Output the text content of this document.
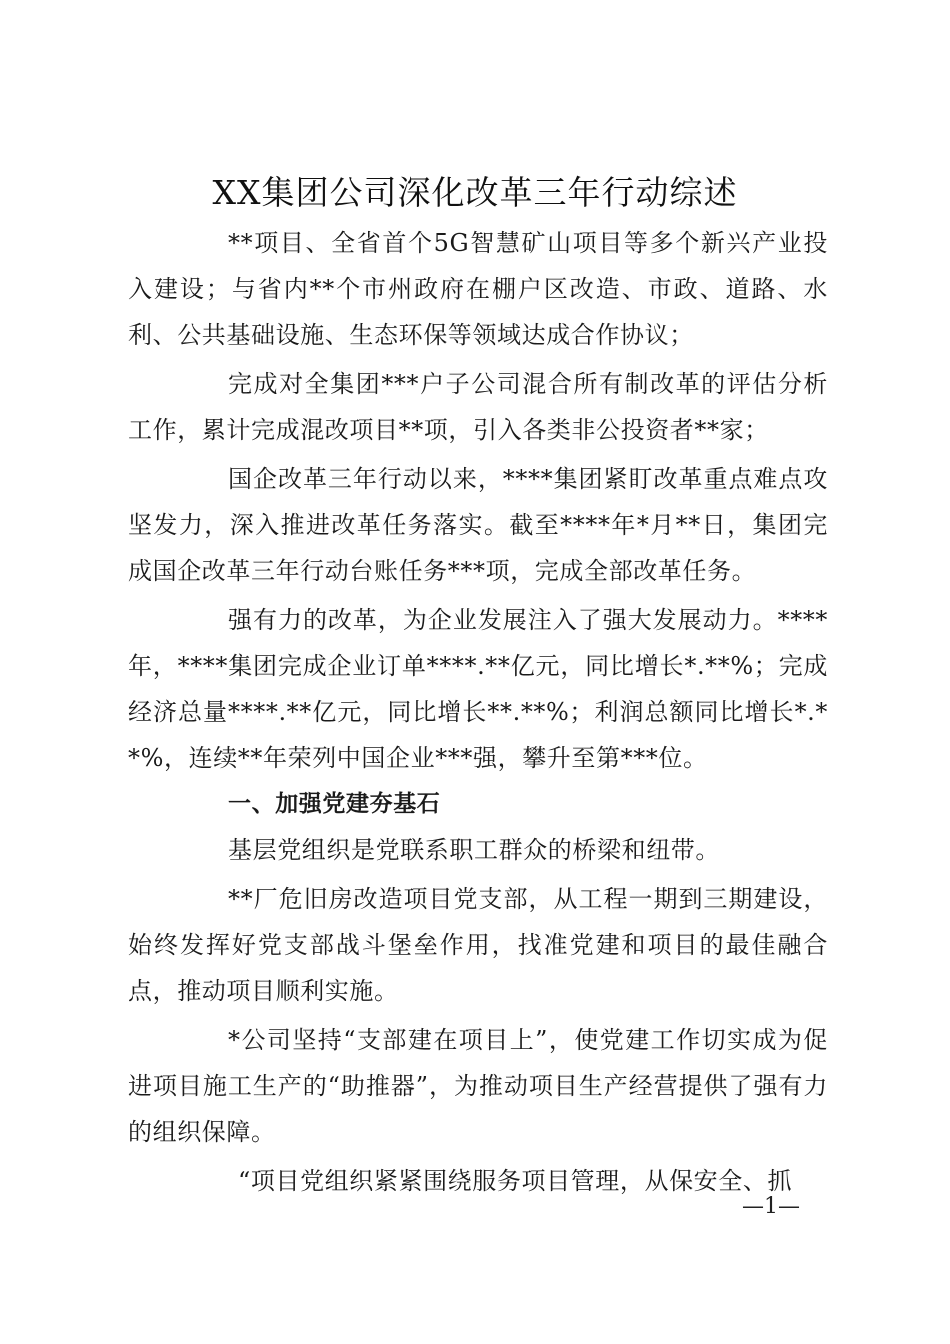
XX集团公司深化改革三年行动综述

**项目、全省首个5G智慧矿山项目等多个新兴产业投入建设；与省内**个市州政府在棚户区改造、市政、道路、水利、公共基础设施、生态环保等领域达成合作协议；

完成对全集团***户子公司混合所有制改革的评估分析工作，累计完成混改项目**项，引入各类非公投资者**家；

国企改革三年行动以来，****集团紧盯改革重点难点攻坚发力，深入推进改革任务落实。截至****年*月**日，集团完成国企改革三年行动台账任务***项，完成全部改革任务。

强有力的改革，为企业发展注入了强大发展动力。****年，****集团完成企业订单****.**亿元，同比增长*.**%；完成经济总量****.**亿元，同比增长**.**%；利润总额同比增长*.**%，连续**年荣列中国企业***强，攀升至第***位。

一、加强党建夯基石

基层党组织是党联系职工群众的桥梁和纽带。

**厂危旧房改造项目党支部，从工程一期到三期建设，始终发挥好党支部战斗堡垒作用，找准党建和项目的最佳融合点，推动项目顺利实施。

*公司坚持“支部建在项目上”，使党建工作切实成为促进项目施工生产的“助推器”，为推动项目生产经营提供了强有力的组织保障。

“项目党组织紧紧围绕服务项目管理，从保安全、抓

—1—
